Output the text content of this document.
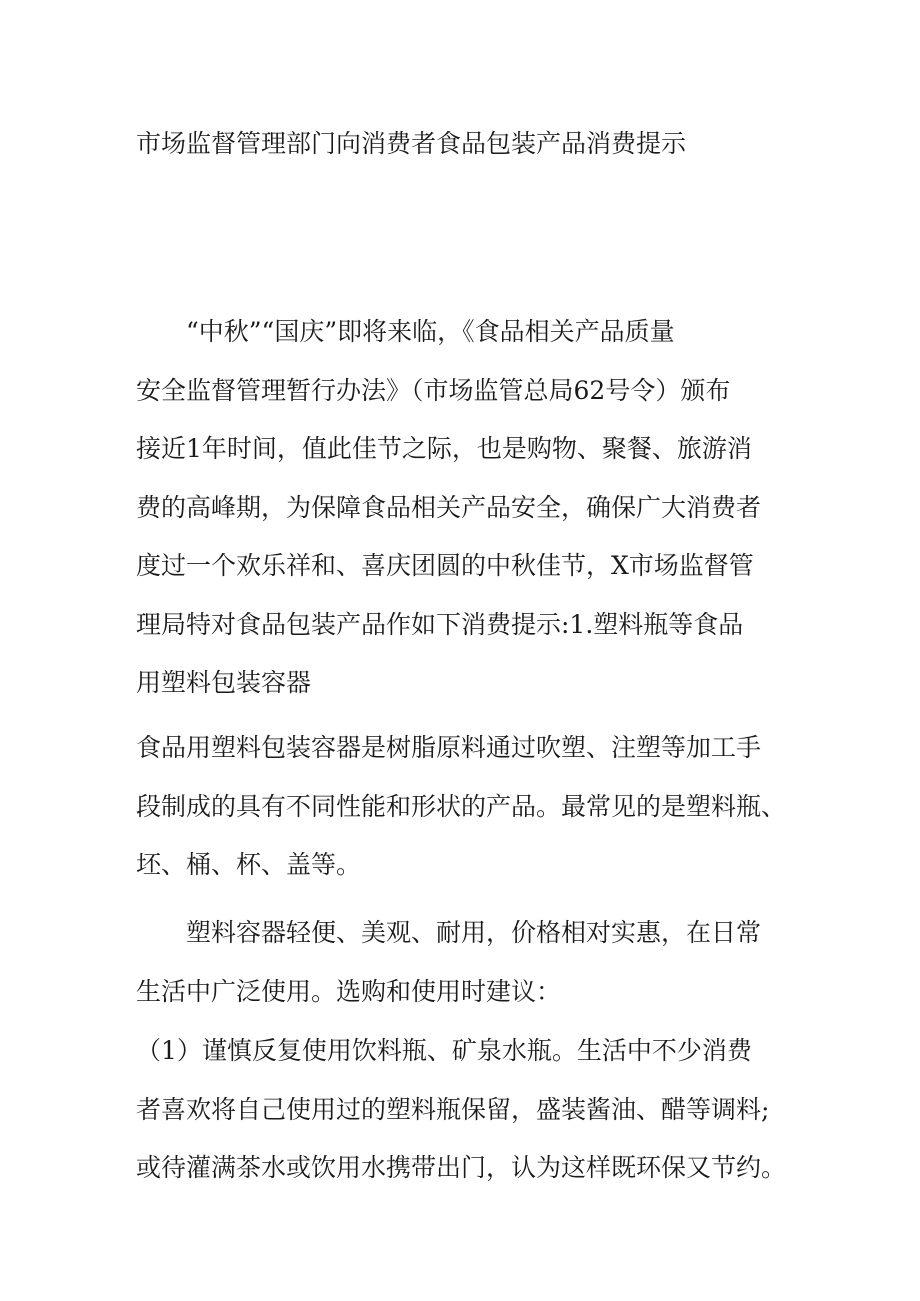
市场监督管理部门向消费者食品包装产品消费提示
　　“中秋”“国庆”即将来临，《食品相关产品质量
安全监督管理暂行办法》（市场监管总局62号令）颁布
接近1年时间，值此佳节之际，也是购物、聚餐、旅游消
费的高峰期，为保障食品相关产品安全，确保广大消费者
度过一个欢乐祥和、喜庆团圆的中秋佳节，X市场监督管
理局特对食品包装产品作如下消费提示:1.塑料瓶等食品
用塑料包装容器
食品用塑料包装容器是树脂原料通过吹塑、注塑等加工手
段制成的具有不同性能和形状的产品。最常见的是塑料瓶、
坯、桶、杯、盖等。
　　塑料容器轻便、美观、耐用，价格相对实惠，在日常
生活中广泛使用。选购和使用时建议：
（1）谨慎反复使用饮料瓶、矿泉水瓶。生活中不少消费
者喜欢将自己使用过的塑料瓶保留，盛装酱油、醋等调料;
或待灌满茶水或饮用水携带出门，认为这样既环保又节约。
